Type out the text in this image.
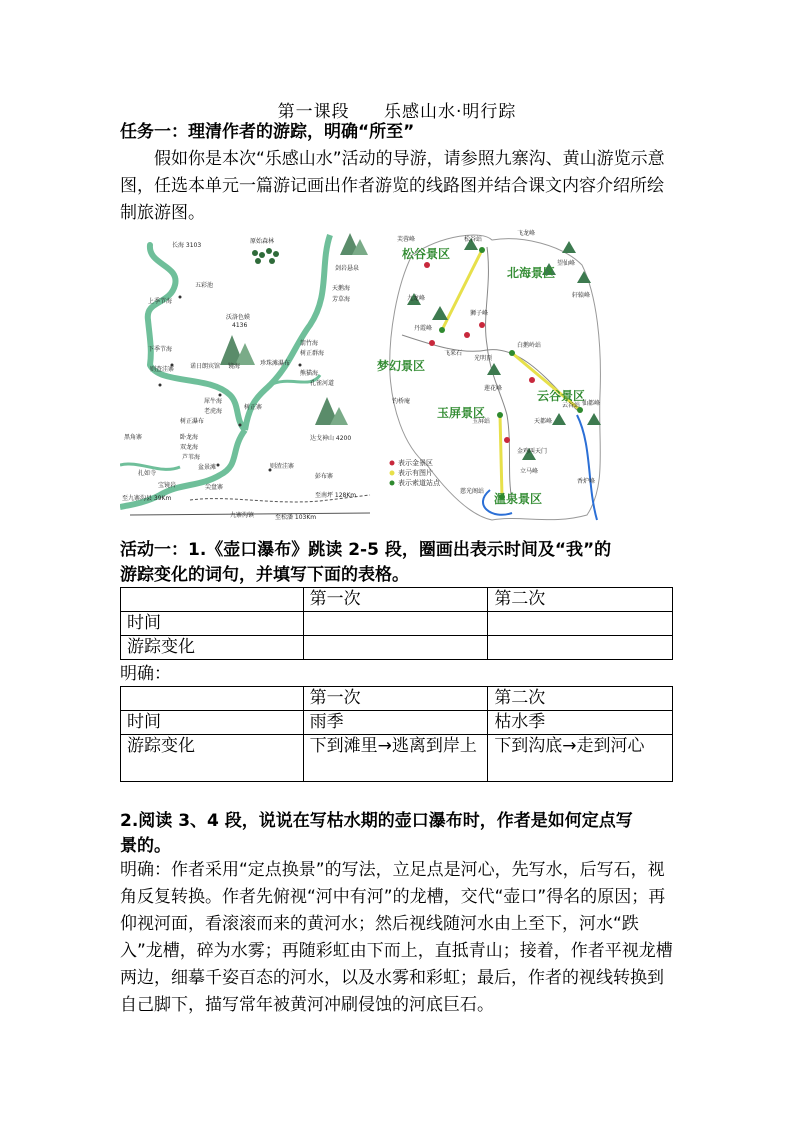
第一课段 乐感山水·明行踪
任务一：理清作者的游踪，明确“所至”
假如你是本次“乐感山水”活动的导游，请参照九寨沟、黄山游览示意图，任选本单元一篇游记画出作者游览的线路图并结合课文内容介绍所绘制旅游图。
长海 3103
原始森林
五彩池
上季节海
下季节海
则查洼寨	诺日朗宾馆 镜海	珍珠滩瀑布
箭竹海
树正群海
熊猫海
孔雀河道
剑岩悬泉
天鹅海
芳草海
沃洛色嫫
4136
犀牛海
老虎海
树正寨
树正瀑布
卧龙海
双龙海
芦苇海
盆景滩
黑角寨
扎如寺
宝镜岩	尖盘寨
则渣洼寨
彭布寨
达戈神山 4200
九寨沟镇	至松潘 103Km
至南坪 128Km
至九寨沟县 39Km
松谷景区
北海景区
梦幻景区
云谷景区
玉屏景区
温泉景区
松谷站
芙蓉峰
飞龙峰
望仙峰
轩辕峰
九龙峰
狮子峰
丹霞峰
光明顶
白鹅岭站
飞来石
莲花峰
云谷站 仙都峰
天都峰
玉屏站
钓桥庵
金鸡叫天门
立马峰
慈光阁站
香炉峰
表示金景区
表示有图片
表示索道站点
活动一：1.《壶口瀑布》跳读 2-5 段，圈画出表示时间及“我”的
游踪变化的词句，并填写下面的表格。
	第一次	第二次
时间		
游踪变化		
明确：
	第一次	第二次
时间	雨季	枯水季
游踪变化	下到滩里→逃离到岸上	下到沟底→走到河心
2.阅读 3、4 段，说说在写枯水期的壶口瀑布时，作者是如何定点写
景的。
明确：作者采用“定点换景”的写法，立足点是河心，先写水，后写石，视角反复转换。作者先俯视“河中有河”的龙槽，交代“壶口”得名的原因；再仰视河面，看滚滚而来的黄河水；然后视线随河水由上至下，河水“跌入”龙槽，碎为水雾；再随彩虹由下而上，直抵青山；接着，作者平视龙槽两边，细摹千姿百态的河水，以及水雾和彩虹；最后，作者的视线转换到自己脚下，描写常年被黄河冲刷侵蚀的河底巨石。
